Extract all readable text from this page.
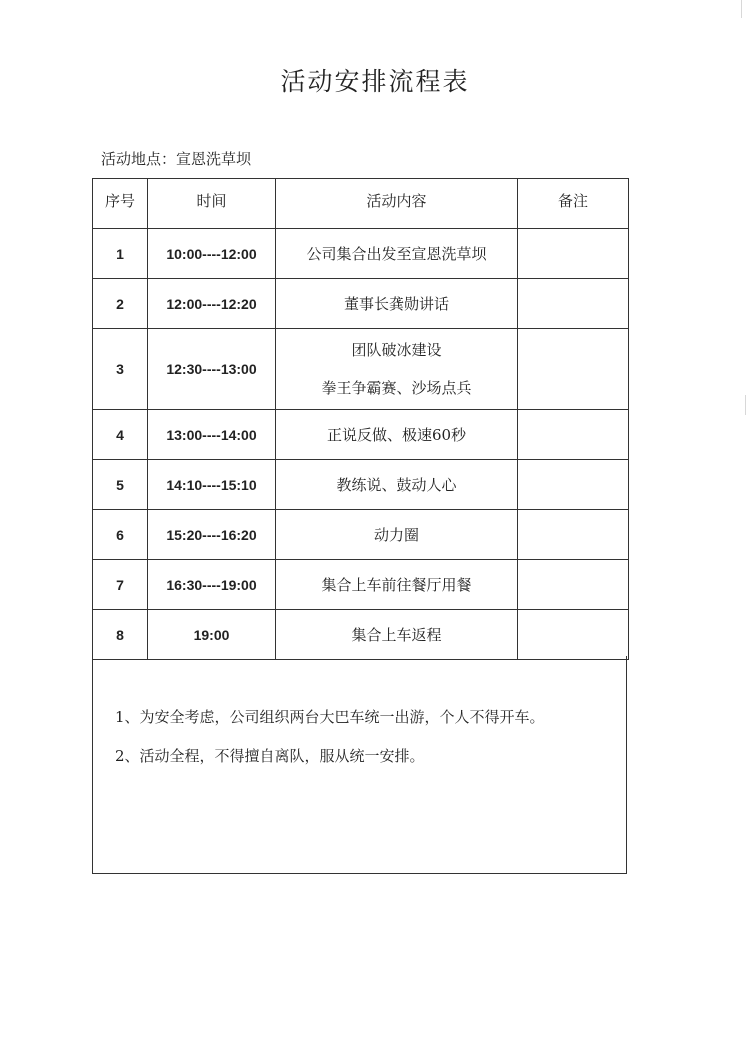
活动安排流程表
活动地点：宣恩洗草坝
序号	时间	活动内容	备注
1	10:00----12:00	公司集合出发至宣恩洗草坝	
2	12:00----12:20	董事长龚勋讲话	
3	12:30----13:00	团队破冰建设
拳王争霸赛、沙场点兵	

4	13:00----14:00	正说反做、极速60秒	
5	14:10----15:10	教练说、鼓动人心	
6	15:20----16:20	动力圈	
7	16:30----19:00	集合上车前往餐厅用餐	
8	19:00	集合上车返程	
1、为安全考虑，公司组织两台大巴车统一出游，个人不得开车。
2、活动全程，不得擅自离队，服从统一安排。
